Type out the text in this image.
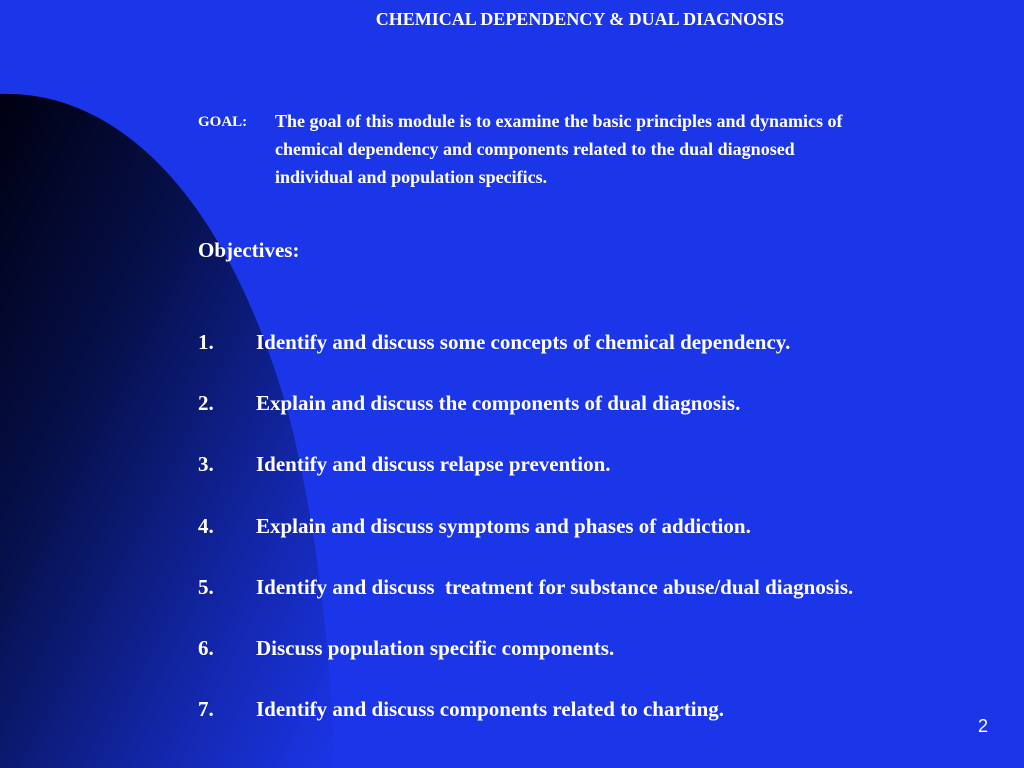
CHEMICAL DEPENDENCY & DUAL DIAGNOSIS
GOAL: The goal of this module is to examine the basic principles and dynamics of
chemical dependency and components related to the dual diagnosed
individual and population specifics.
Objectives:

1.

Identify and discuss some concepts of chemical dependency.

2.

Explain and discuss the components of dual diagnosis.

3.

Identify and discuss relapse prevention.

4.

Explain and discuss symptoms and phases of addiction.

5.

Identify and discuss  treatment for substance abuse/dual diagnosis.

6.

Discuss population specific components.

7.

Identify and discuss components related to charting.

2
